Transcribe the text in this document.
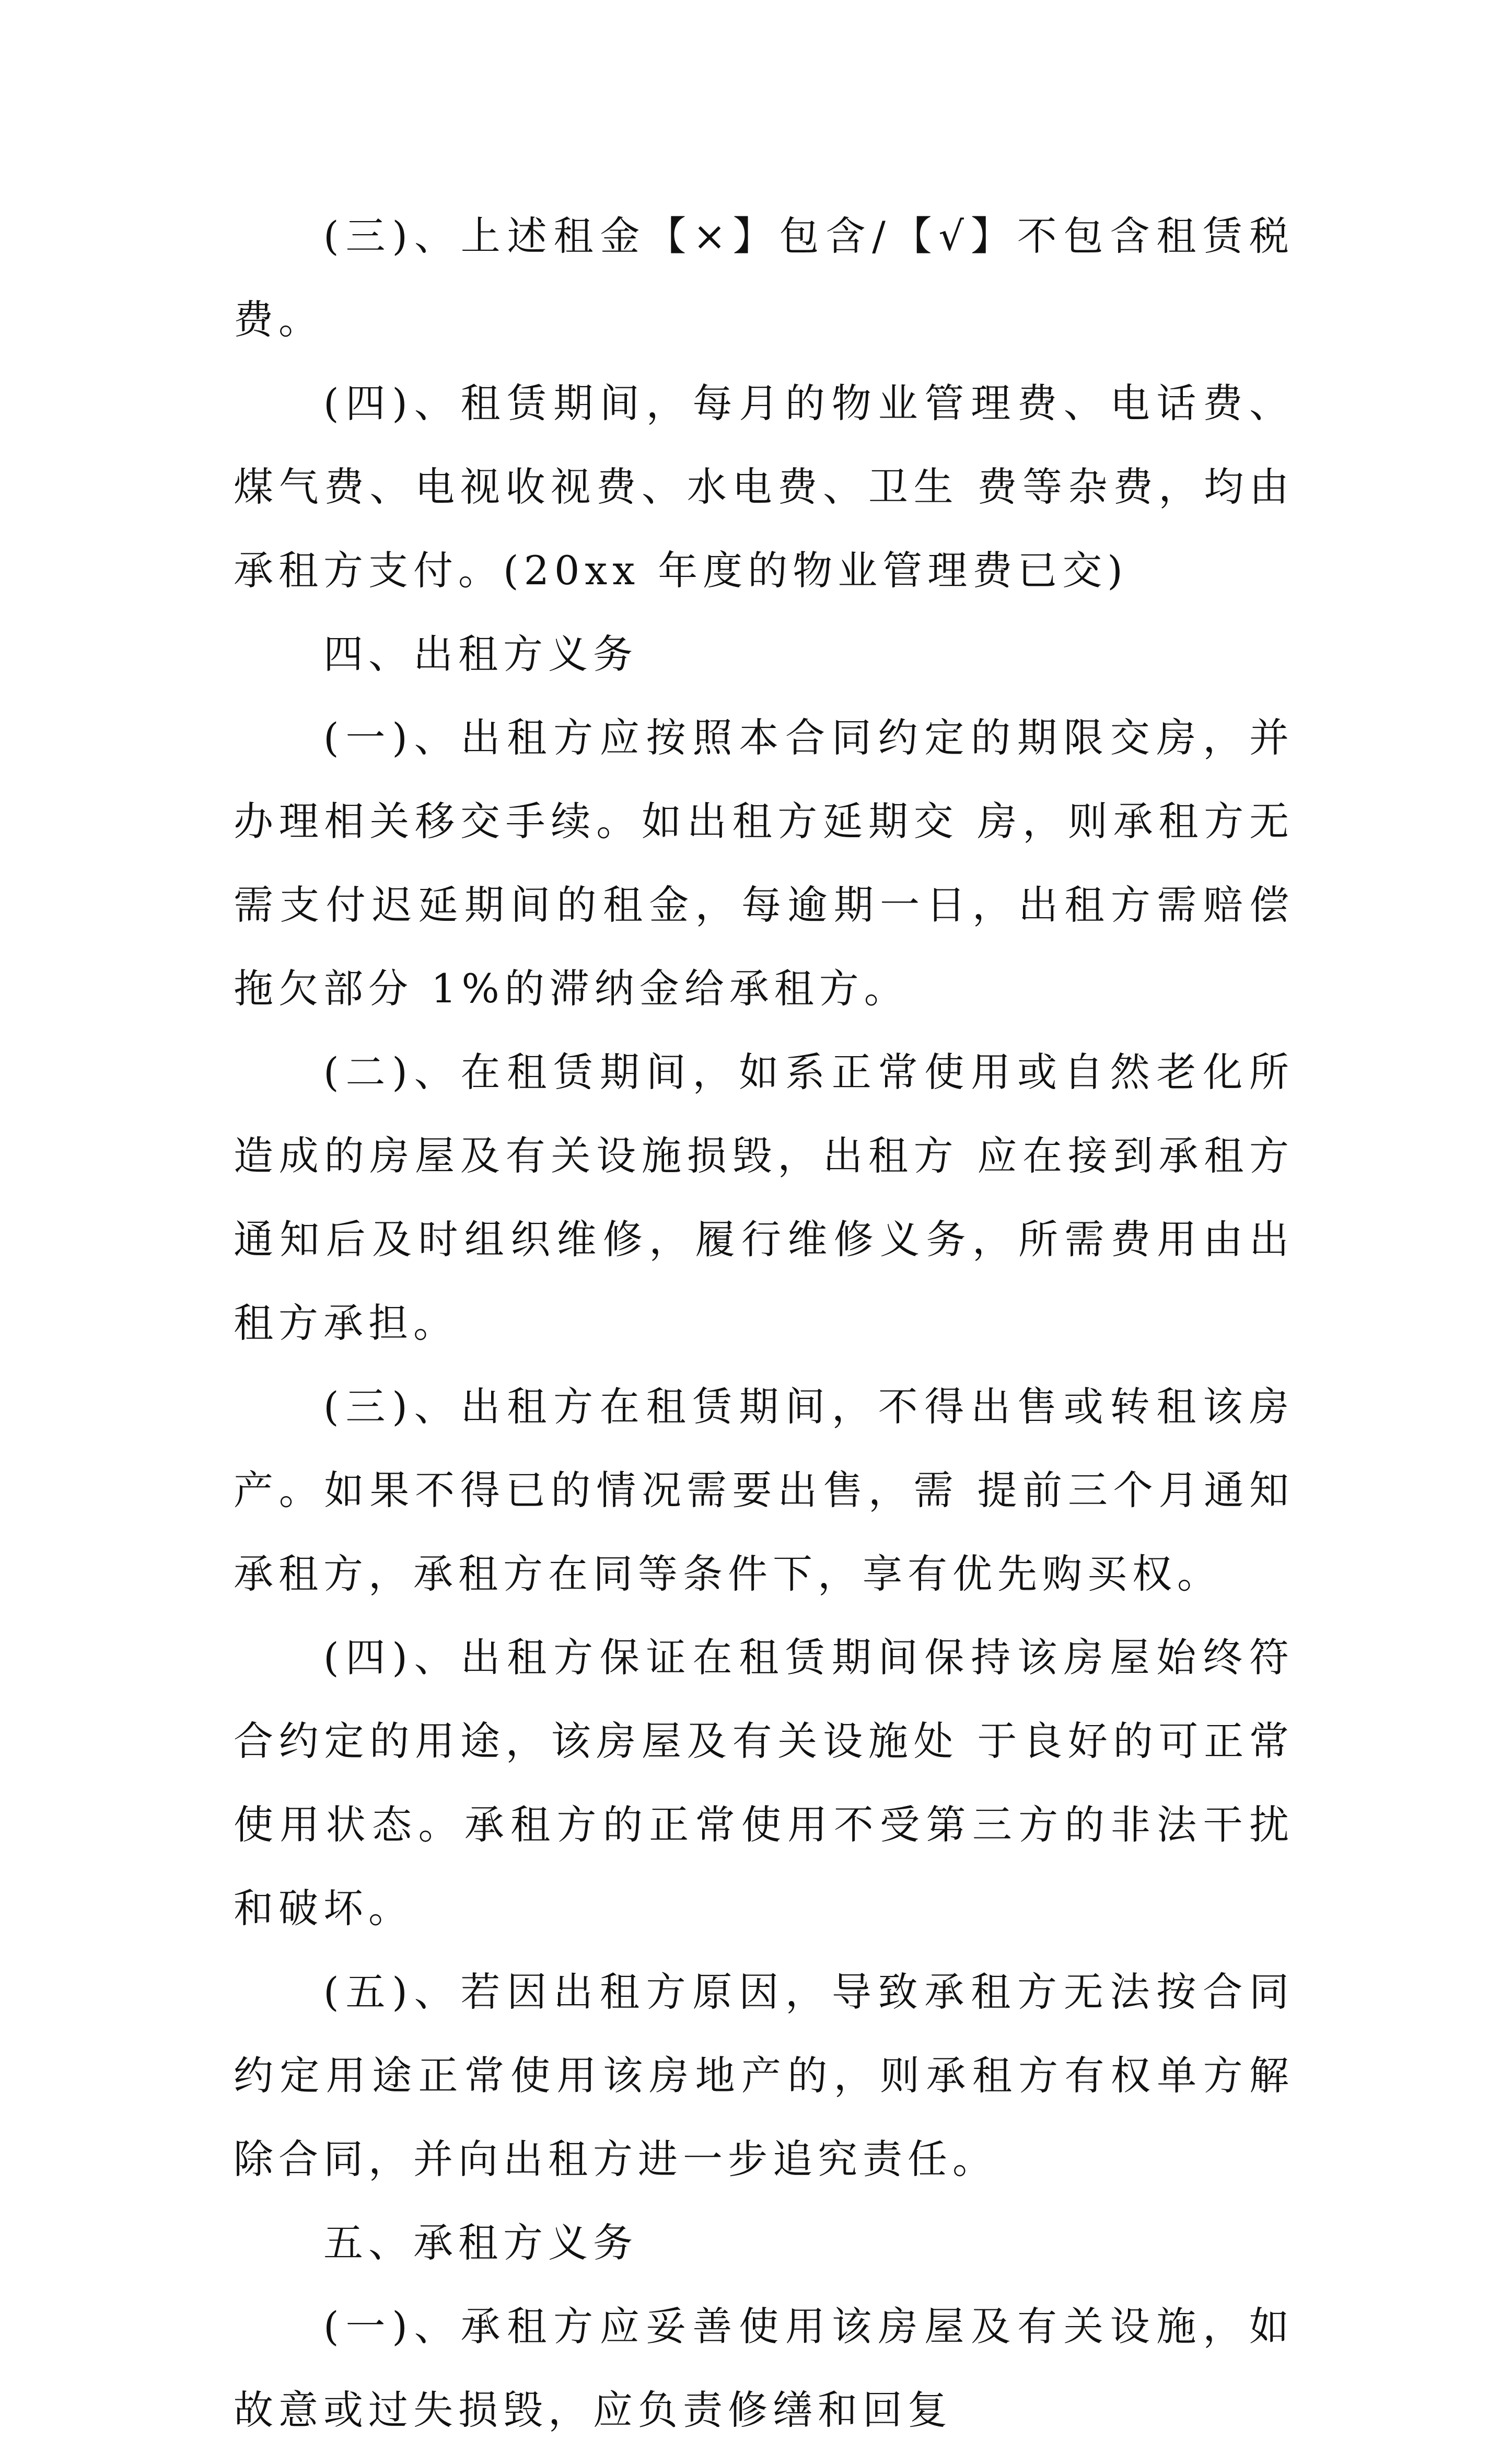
(三)、上述租金【×】包含/【√】不包含租赁税费。

(四)、租赁期间，每月的物业管理费、电话费、煤气费、电视收视费、水电费、卫生 费等杂费，均由承租方支付。(20xx 年度的物业管理费已交)

四、出租方义务

(一)、出租方应按照本合同约定的期限交房，并办理相关移交手续。如出租方延期交 房，则承租方无需支付迟延期间的租金，每逾期一日，出租方需赔偿拖欠部分 1%的滞纳金给承租方。

(二)、在租赁期间，如系正常使用或自然老化所造成的房屋及有关设施损毁，出租方 应在接到承租方通知后及时组织维修，履行维修义务，所需费用由出租方承担。

(三)、出租方在租赁期间，不得出售或转租该房产。如果不得已的情况需要出售，需 提前三个月通知承租方，承租方在同等条件下，享有优先购买权。

(四)、出租方保证在租赁期间保持该房屋始终符合约定的用途，该房屋及有关设施处 于良好的可正常使用状态。承租方的正常使用不受第三方的非法干扰和破坏。

(五)、若因出租方原因，导致承租方无法按合同约定用途正常使用该房地产的，则承租方有权单方解除合同，并向出租方进一步追究责任。

五、承租方义务

(一)、承租方应妥善使用该房屋及有关设施，如故意或过失损毁，应负责修缮和回复
